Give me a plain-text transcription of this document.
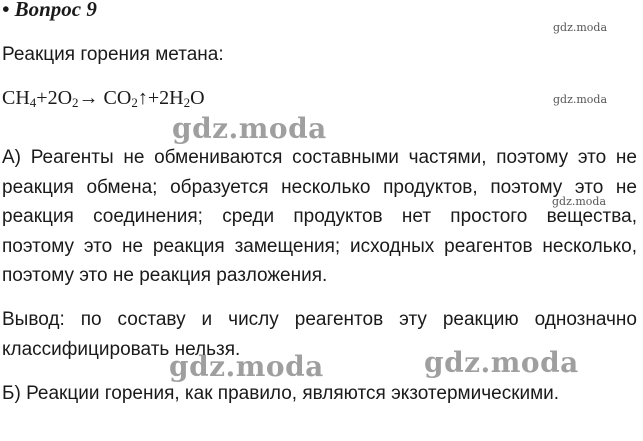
• Вопрос 9
Реакция горения метана:
$CH_4+2O_2\to$ $CO_2↑+2H_2O$
А) Реагенты не обмениваются составными частями, поэтому это не
реакция обмена; образуется несколько продуктов, поэтому это не
реакция соединения; среди продуктов нет простого вещества,
поэтому это не реакция замещения; исходных реагентов несколько,
поэтому это не реакция разложения.
Вывод: по составу и числу реагентов эту реакцию однозначно
классифицировать нельзя.
Б) Реакции горения, как правило, являются экзотермическими.
gdz.moda
gdz.moda
gdz.moda
gdz.moda
gdz.moda	gdz.moda
